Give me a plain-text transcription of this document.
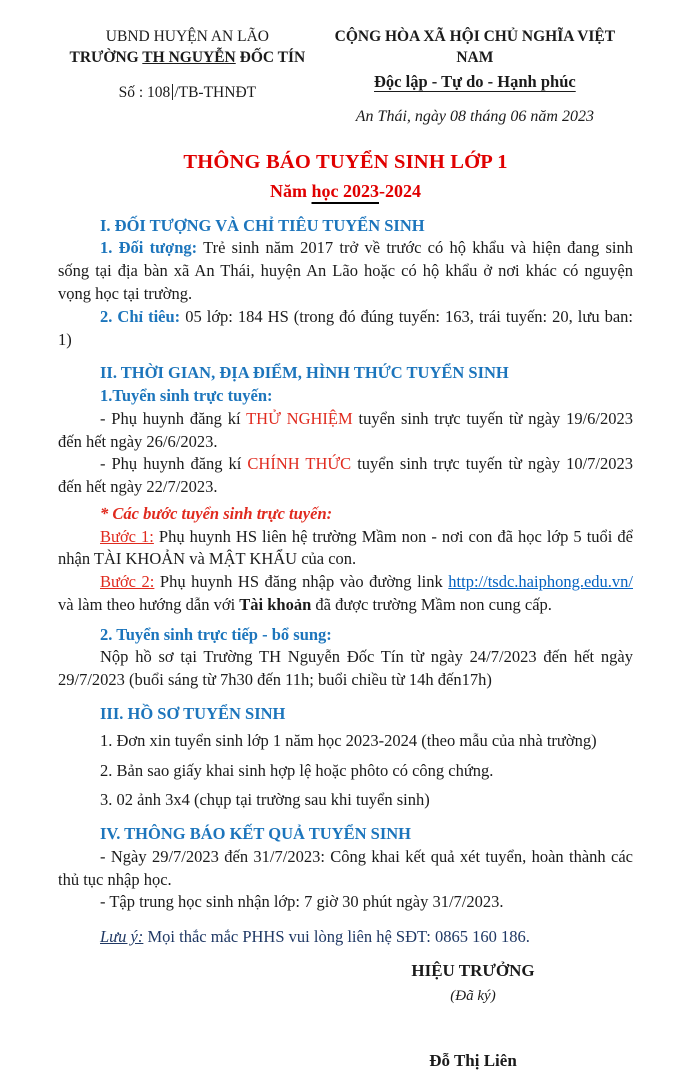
UBND HUYỆN AN LÃO
TRƯỜNG TH NGUYỄN ĐỐC TÍN
Số : 108 /TB-THNĐT
CỘNG HÒA XÃ HỘI CHỦ NGHĨA VIỆT NAM
Độc lập - Tự do - Hạnh phúc
An Thái, ngày 08 tháng 06 năm 2023
THÔNG BÁO TUYỂN SINH LỚP 1
Năm học 2023-2024

I. ĐỐI TƯỢNG VÀ CHỈ TIÊU TUYỂN SINH

1. Đối tượng: Trẻ sinh năm 2017 trở về trước có hộ khẩu và hiện đang sinh sống tại địa bàn xã An Thái, huyện An Lão hoặc có hộ khẩu ở nơi khác có nguyện vọng học tại trường.

2. Chỉ tiêu: 05 lớp: 184 HS (trong đó đúng tuyến: 163, trái tuyến: 20, lưu ban: 1)

II. THỜI GIAN, ĐỊA ĐIỂM, HÌNH THỨC TUYỂN SINH

1.Tuyển sinh trực tuyến:

- Phụ huynh đăng kí THỬ NGHIỆM tuyển sinh trực tuyến từ ngày 19/6/2023 đến hết ngày 26/6/2023.

- Phụ huynh đăng kí CHÍNH THỨC tuyển sinh trực tuyến từ ngày 10/7/2023 đến hết ngày 22/7/2023.

* Các bước tuyển sinh trực tuyến:

Bước 1: Phụ huynh HS liên hệ trường Mầm non - nơi con đã học lớp 5 tuổi để nhận TÀI KHOẢN và MẬT KHẨU của con.

Bước 2: Phụ huynh HS đăng nhập vào đường link http://tsdc.haiphong.edu.vn/ và làm theo hướng dẫn với Tài khoản đã được trường Mầm non cung cấp.

2. Tuyển sinh trực tiếp - bổ sung:

Nộp hồ sơ tại Trường TH Nguyễn Đốc Tín từ ngày 24/7/2023 đến hết ngày 29/7/2023 (buổi sáng từ 7h30 đến 11h; buổi chiều từ 14h đến17h)

III. HỒ SƠ TUYỂN SINH

1. Đơn xin tuyển sinh lớp 1 năm học 2023-2024 (theo mẫu của nhà trường)

2. Bản sao giấy khai sinh hợp lệ hoặc phôto có công chứng.

3. 02 ảnh 3x4 (chụp tại trường sau khi tuyển sinh)

IV. THÔNG BÁO KẾT QUẢ TUYỂN SINH

- Ngày 29/7/2023 đến 31/7/2023: Công khai kết quả xét tuyển, hoàn thành các thủ tục nhập học.

- Tập trung học sinh nhận lớp: 7 giờ 30 phút ngày 31/7/2023.

Lưu ý: Mọi thắc mắc PHHS vui lòng liên hệ SĐT: 0865 160 186.

HIỆU TRƯỞNG
(Đã ký)
Đỗ Thị Liên
